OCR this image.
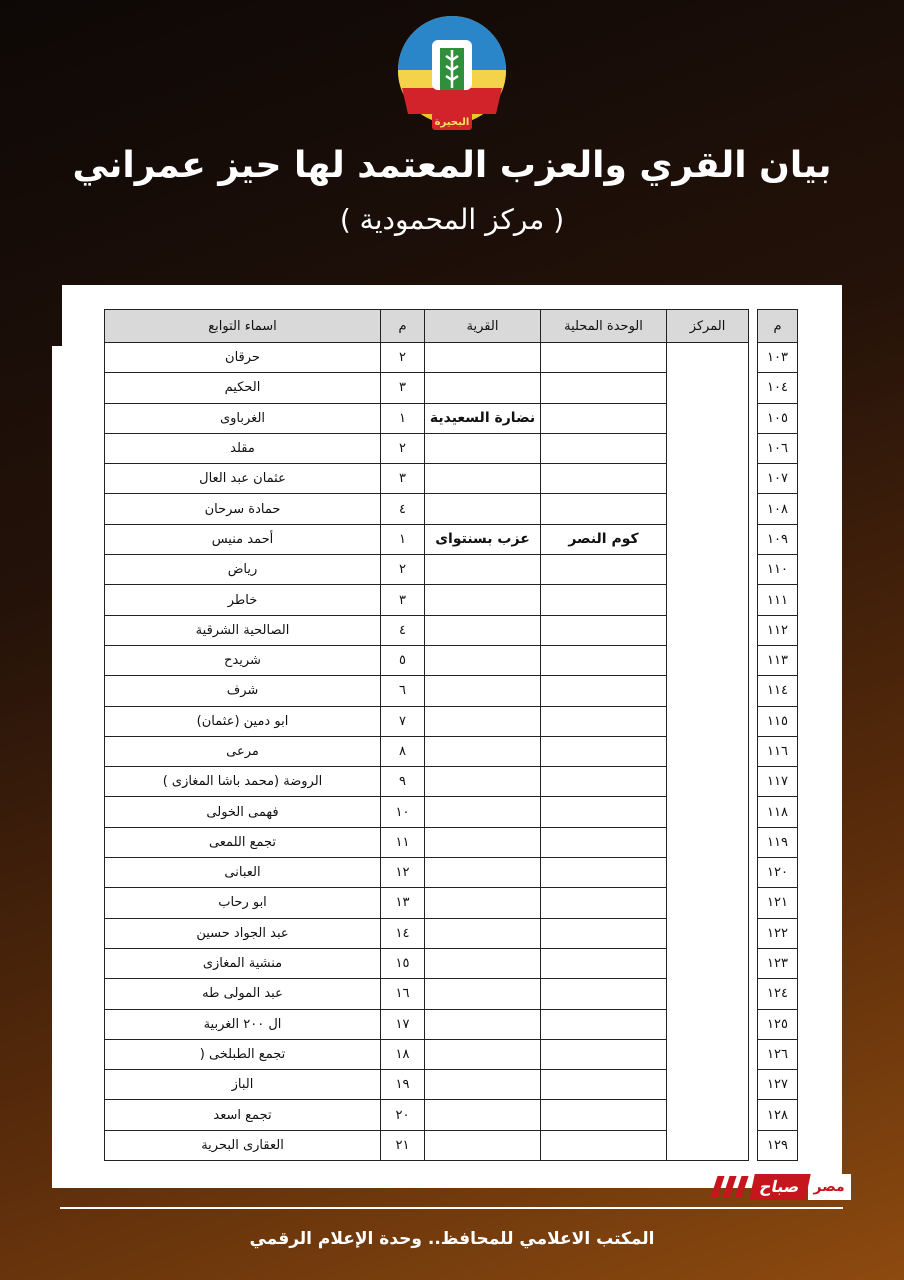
البحيرة
بيان القري والعزب المعتمد لها حيز عمراني
( مركز المحمودية )
م		المركز	الوحدة المحلية	القرية	م	اسماء التوابع
١٠٣					٢	حرقان
١٠٤					٣	الحكيم
١٠٥				نضارة السعيدية	١	الغرباوى
١٠٦					٢	مقلد
١٠٧					٣	عثمان عبد العال
١٠٨					٤	حمادة سرحان
١٠٩			كوم النصر	عزب بسنتواى	١	أحمد منيس
١١٠					٢	رياض
١١١					٣	خاطر
١١٢					٤	الصالحية الشرقية
١١٣					٥	شريدح
١١٤					٦	شرف
١١٥					٧	ابو دمين (عثمان)
١١٦					٨	مرعى
١١٧					٩	الروضة (محمد باشا المغازى )
١١٨					١٠	فهمى الخولى
١١٩					١١	تجمع اللمعى
١٢٠					١٢	العبانى
١٢١					١٣	ابو رحاب
١٢٢					١٤	عبد الجواد حسين
١٢٣					١٥	منشية المغازى
١٢٤					١٦	عبد المولى طه
١٢٥					١٧	ال ٢٠٠ الغربية
١٢٦					١٨	تجمع الطبلخى (
١٢٧					١٩	الباز
١٢٨					٢٠	تجمع اسعد
١٢٩					٢١	العقارى البحرية
صباح مصر
المكتب الاعلامي للمحافظ.. وحدة الإعلام الرقمي
